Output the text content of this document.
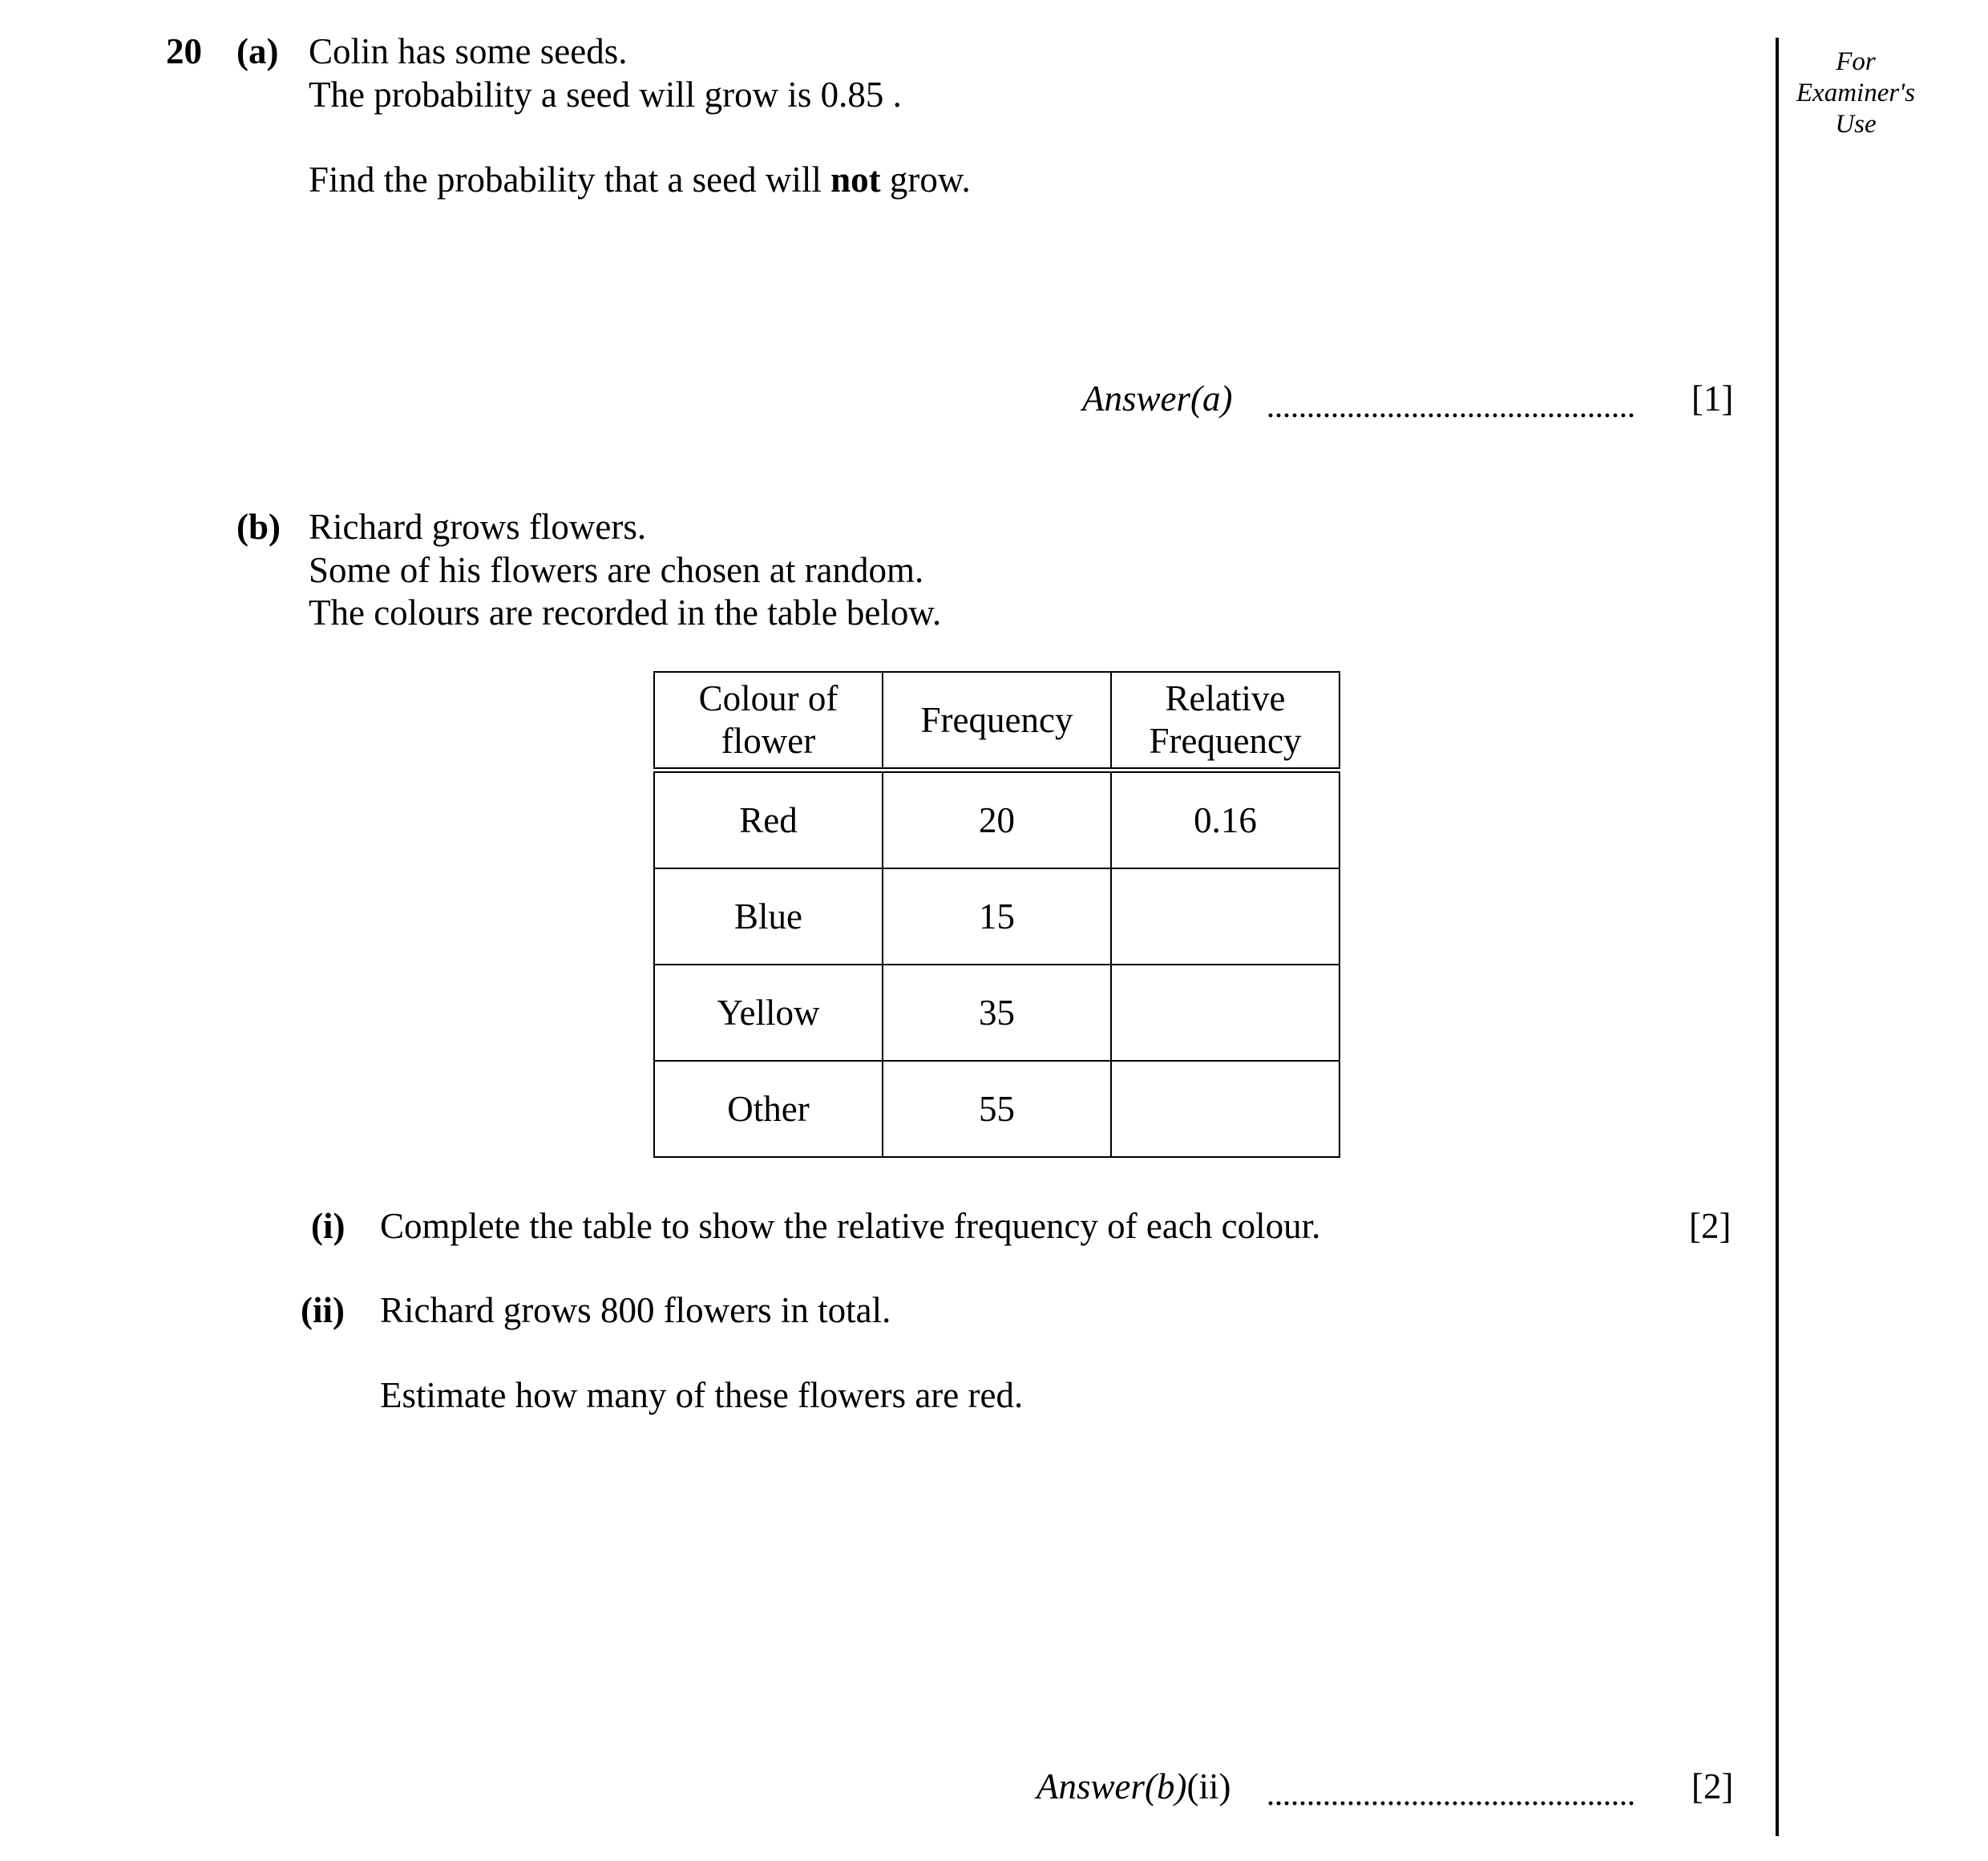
For
Examiner's
Use
20 (a) Colin has some seeds.
The probability a seed will grow is 0.85 .
Find the probability that a seed will not grow.
Answer(a)	[1]
(b) Richard grows flowers.
Some of his flowers are chosen at random.
The colours are recorded in the table below.
Colour of flower	Frequency	Relative Frequency

Red	20	0.16
Blue	15	
Yellow	35	
Other	55	
(i) Complete the table to show the relative frequency of each colour.	[2]
(ii) Richard grows 800 flowers in total.
Estimate how many of these flowers are red.
Answer(b)(ii)	[2]
